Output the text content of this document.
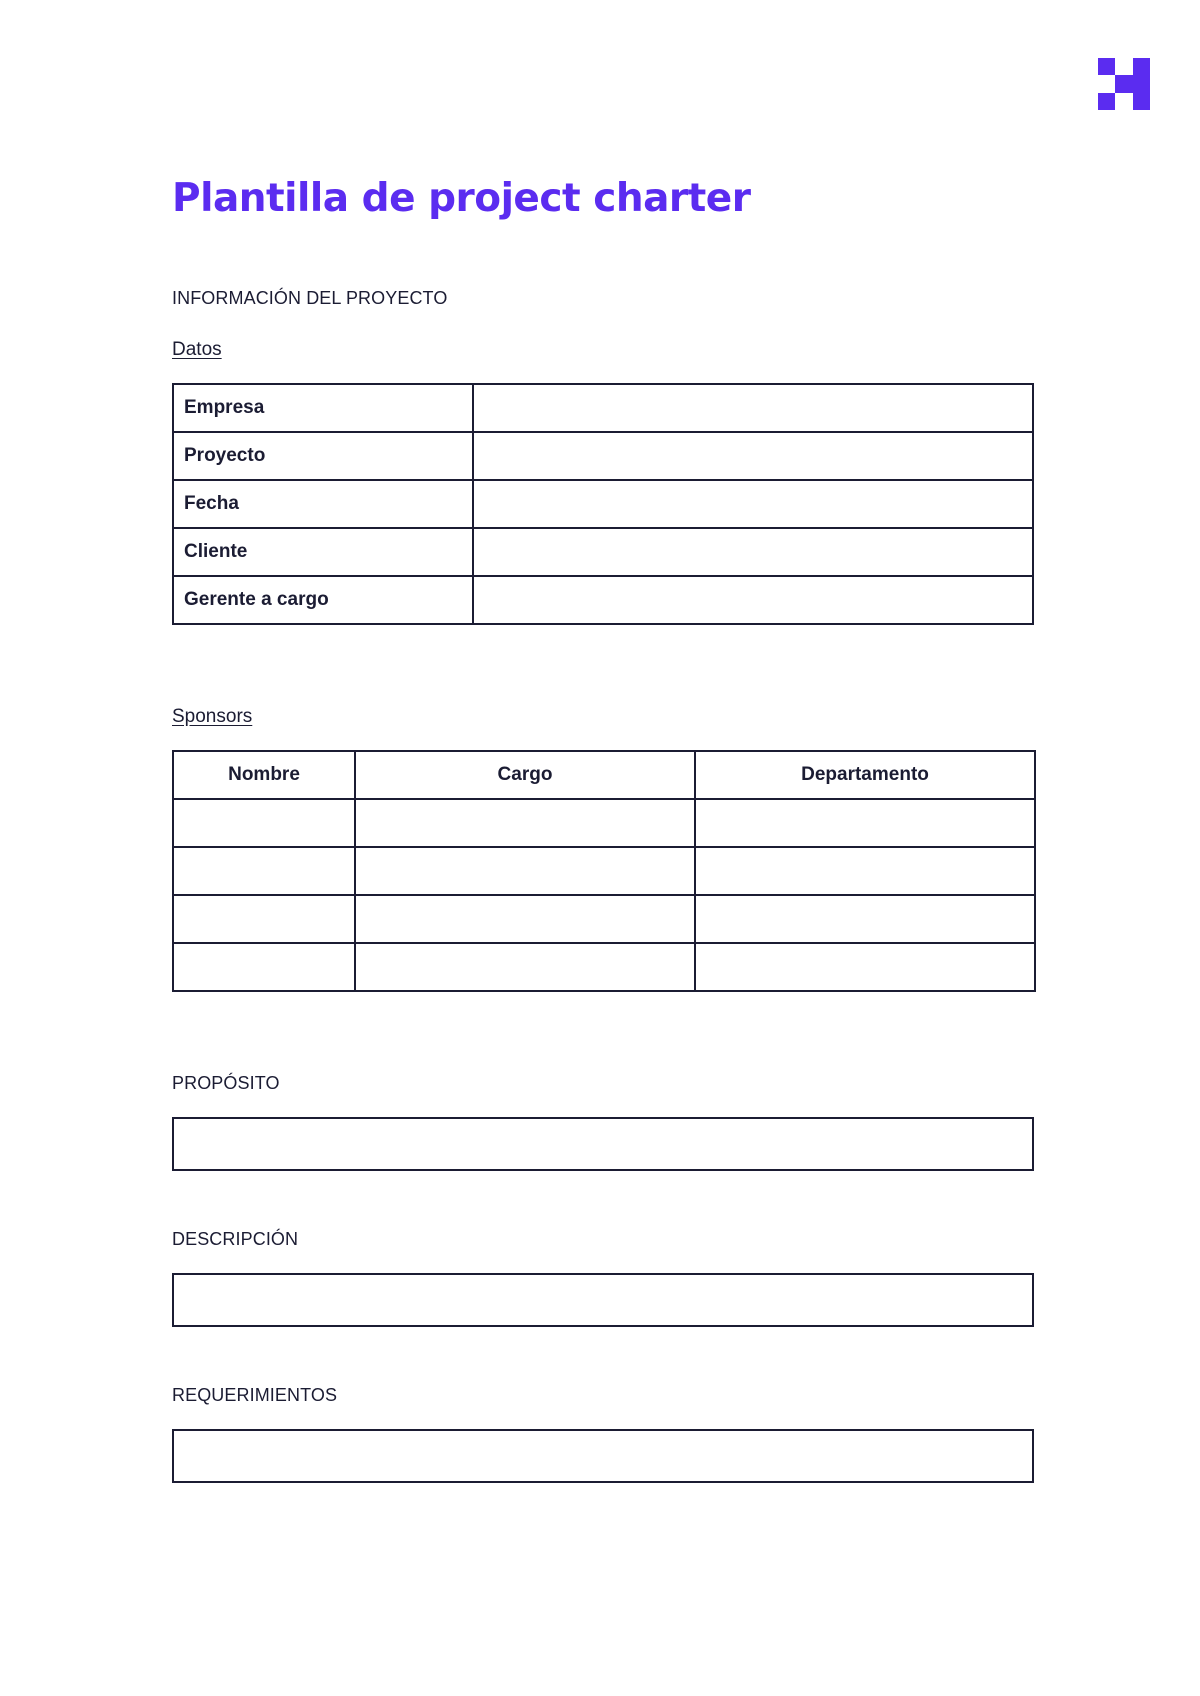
Plantilla de project charter
INFORMACIÓN DEL PROYECTO
Datos
Empresa	
Proyecto	
Fecha	
Cliente	
Gerente a cargo	
Sponsors
Nombre	Cargo	Departamento

PROPÓSITO
DESCRIPCIÓN
REQUERIMIENTOS
